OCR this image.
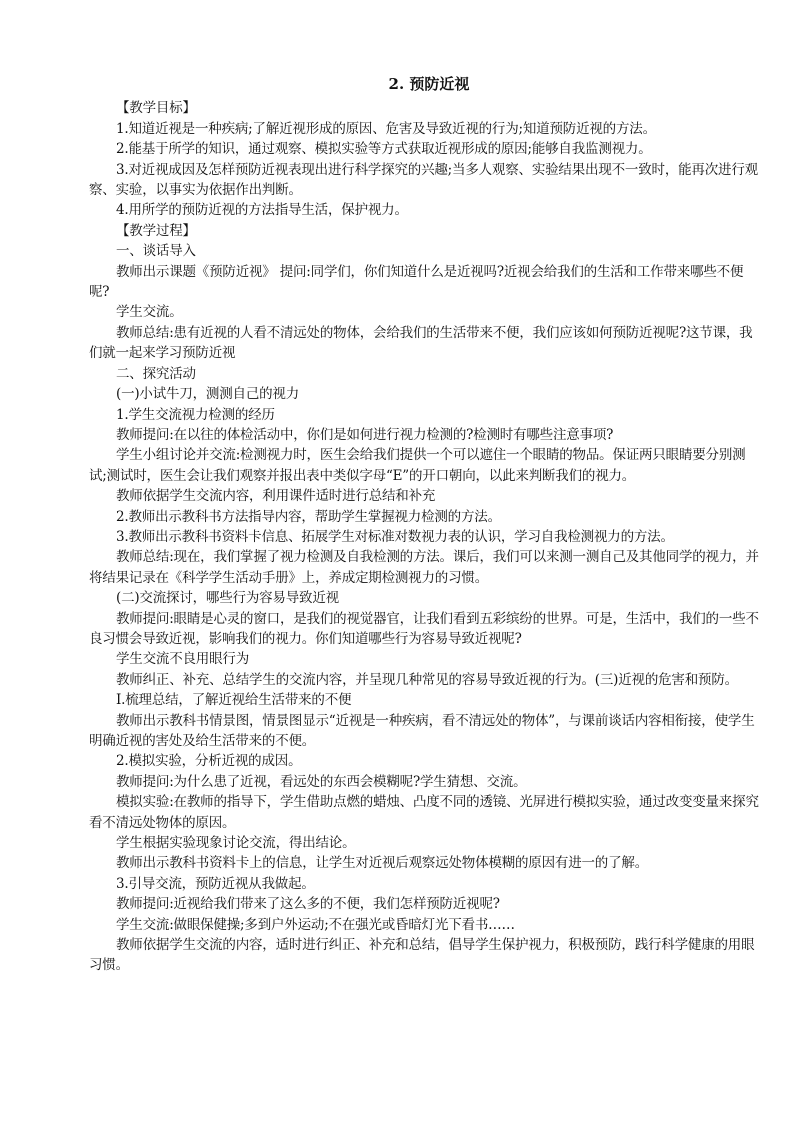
2. 预防近视

【教学目标】

1.知道近视是一种疾病;了解近视形成的原因、危害及导致近视的行为;知道预防近视的方法。

2.能基于所学的知识，通过观察、模拟实验等方式获取近视形成的原因;能够自我监测视力。

3.对近视成因及怎样预防近视表现出进行科学探究的兴趣;当多人观察、实验结果出现不一致时，能再次进行观察、实验，以事实为依据作出判断。

4.用所学的预防近视的方法指导生活，保护视力。

【教学过程】

一、谈话导入

教师出示课题《预防近视》 提问:同学们，你们知道什么是近视吗?近视会给我们的生活和工作带来哪些不便呢?

学生交流。

教师总结:患有近视的人看不清远处的物体，会给我们的生活带来不便，我们应该如何预防近视呢?这节课，我们就一起来学习预防近视

二、探究活动

(一)小试牛刀，测测自己的视力

1.学生交流视力检测的经历

教师提问:在以往的体检活动中，你们是如何进行视力检测的?检测时有哪些注意事项?

学生小组讨论并交流:检测视力时，医生会给我们提供一个可以遮住一个眼睛的物品。保证两只眼睛要分别测试;测试时，医生会让我们观察并报出表中类似字母“E”的开口朝向，以此来判断我们的视力。

教师依据学生交流内容，利用课件适时进行总结和补充

2.教师出示教科书方法指导内容，帮助学生掌握视力检测的方法。

3.教师出示教科书资料卡信息、拓展学生对标准对数视力表的认识，学习自我检测视力的方法。

教师总结:现在，我们掌握了视力检测及自我检测的方法。课后，我们可以来测一测自己及其他同学的视力，并将结果记录在《科学学生活动手册》上，养成定期检测视力的习惯。

(二)交流探讨，哪些行为容易导致近视

教师提问:眼睛是心灵的窗口，是我们的视觉器官，让我们看到五彩缤纷的世界。可是，生活中，我们的一些不良习惯会导致近视，影响我们的视力。你们知道哪些行为容易导致近视呢?

学生交流不良用眼行为

教师纠正、补充、总结学生的交流内容，并呈现几种常见的容易导致近视的行为。(三)近视的危害和预防。

I.梳理总结，了解近视给生活带来的不便

教师出示教科书情景图，情景图显示“近视是一种疾病，看不清远处的物体”，与课前谈话内容相衔接，使学生明确近视的害处及给生活带来的不便。

2.模拟实验，分析近视的成因。

教师提问:为什么患了近视，看远处的东西会模糊呢?学生猜想、交流。

模拟实验:在教师的指导下，学生借助点燃的蜡烛、凸度不同的透镜、光屏进行模拟实验，通过改变变量来探究看不清远处物体的原因。

学生根据实验现象讨论交流，得出结论。

教师出示教科书资料卡上的信息，让学生对近视后观察远处物体模糊的原因有进一的了解。

3.引导交流，预防近视从我做起。

教师提问:近视给我们带来了这么多的不便，我们怎样预防近视呢?

学生交流:做眼保健操;多到户外运动;不在强光或昏暗灯光下看书……

教师依据学生交流的内容，适时进行纠正、补充和总结，倡导学生保护视力，积极预防，践行科学健康的用眼习惯。
